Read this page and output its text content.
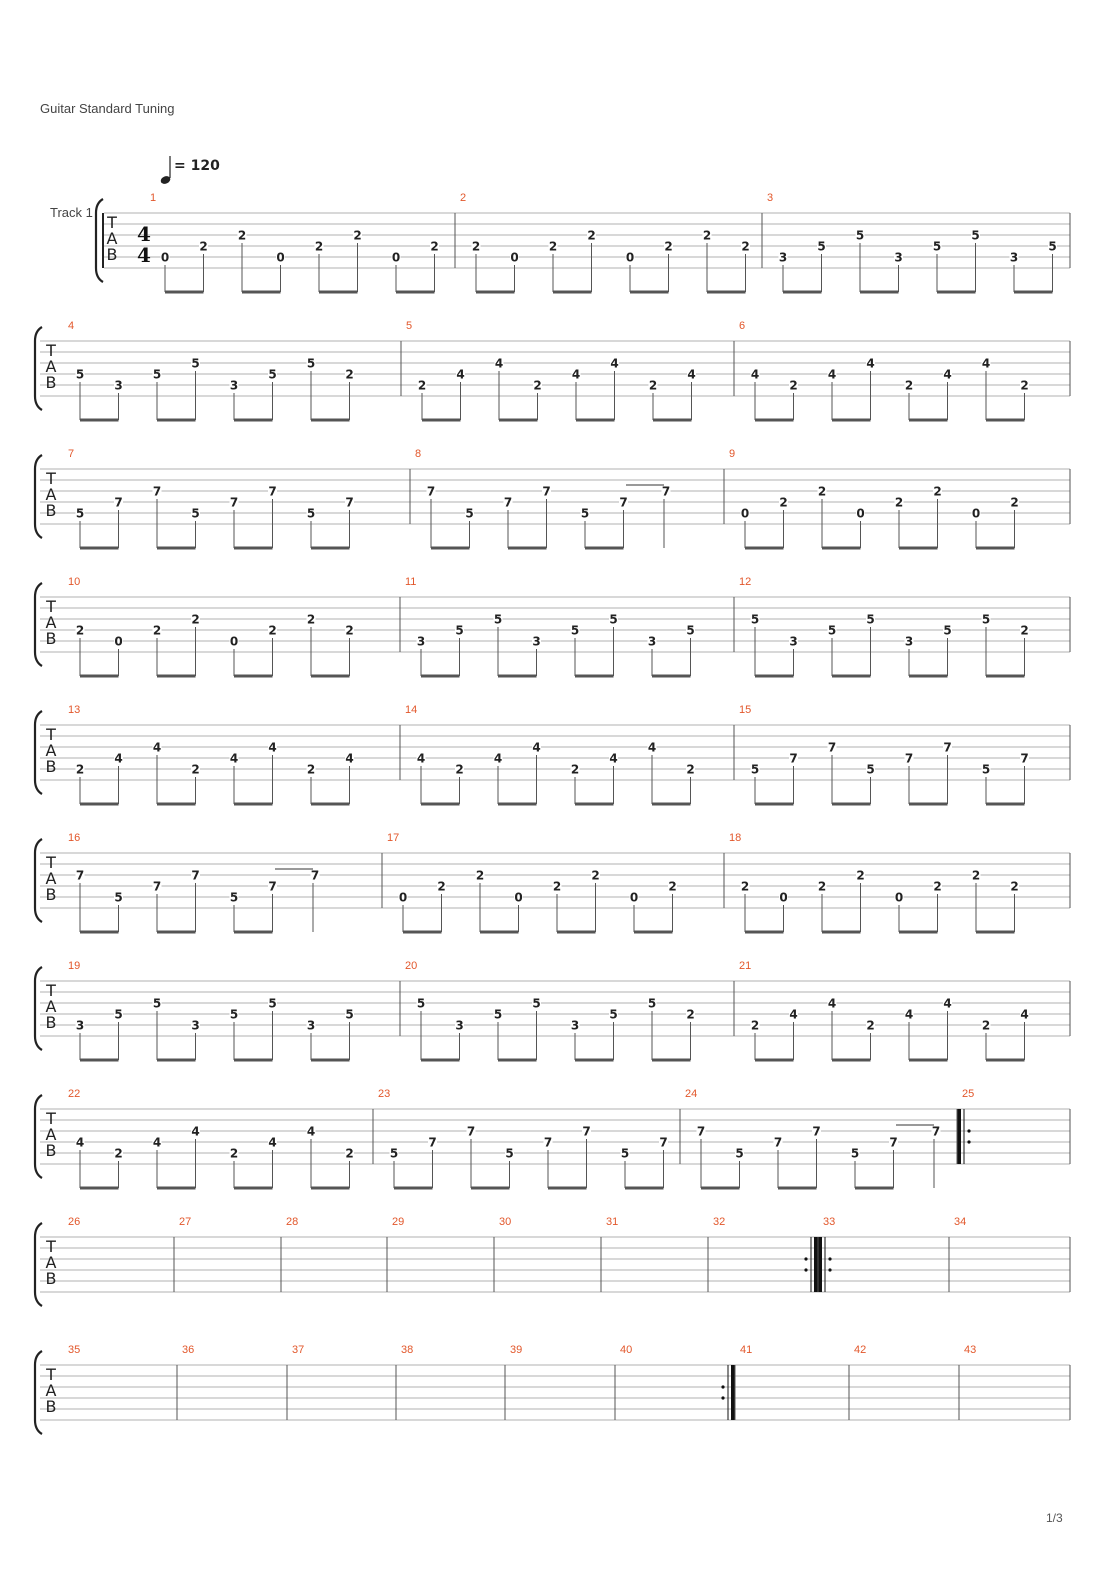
Guitar Standard Tuning
= 120
Track 1
T
A
B
4
4
1
0
2
2
0
2
2
0
2
2
2
0
2
2
0
2
2
2
3
3
5
5
3
5
5
3
5
T
A
B
4
5
3
5
5
3
5
5
2
5
2
4
4
2
4
4
2
4
6
4
2
4
4
2
4
4
2
T
A
B
7
5
7
7
5
7
7
5
7
8
7
5
7
7
5
7
7
9
0
2
2
0
2
2
0
2
T
A
B
10
2
0
2
2
0
2
2
2
11
3
5
5
3
5
5
3
5
12
5
3
5
5
3
5
5
2
T
A
B
13
2
4
4
2
4
4
2
4
14
4
2
4
4
2
4
4
2
15
5
7
7
5
7
7
5
7
T
A
B
16
7
5
7
7
5
7
7
17
0
2
2
0
2
2
0
2
18
2
0
2
2
0
2
2
2
T
A
B
19
3
5
5
3
5
5
3
5
20
5
3
5
5
3
5
5
2
21
2
4
4
2
4
4
2
4
T
A
B
22
4
2
4
4
2
4
4
2
23
5
7
7
5
7
7
5
7
24
7
5
7
7
5
7
7
25
T
A
B
26	27	28	29	30	31	32	33	34
T
A
B
35	36	37	38	39	40	41	42	43
1/3
